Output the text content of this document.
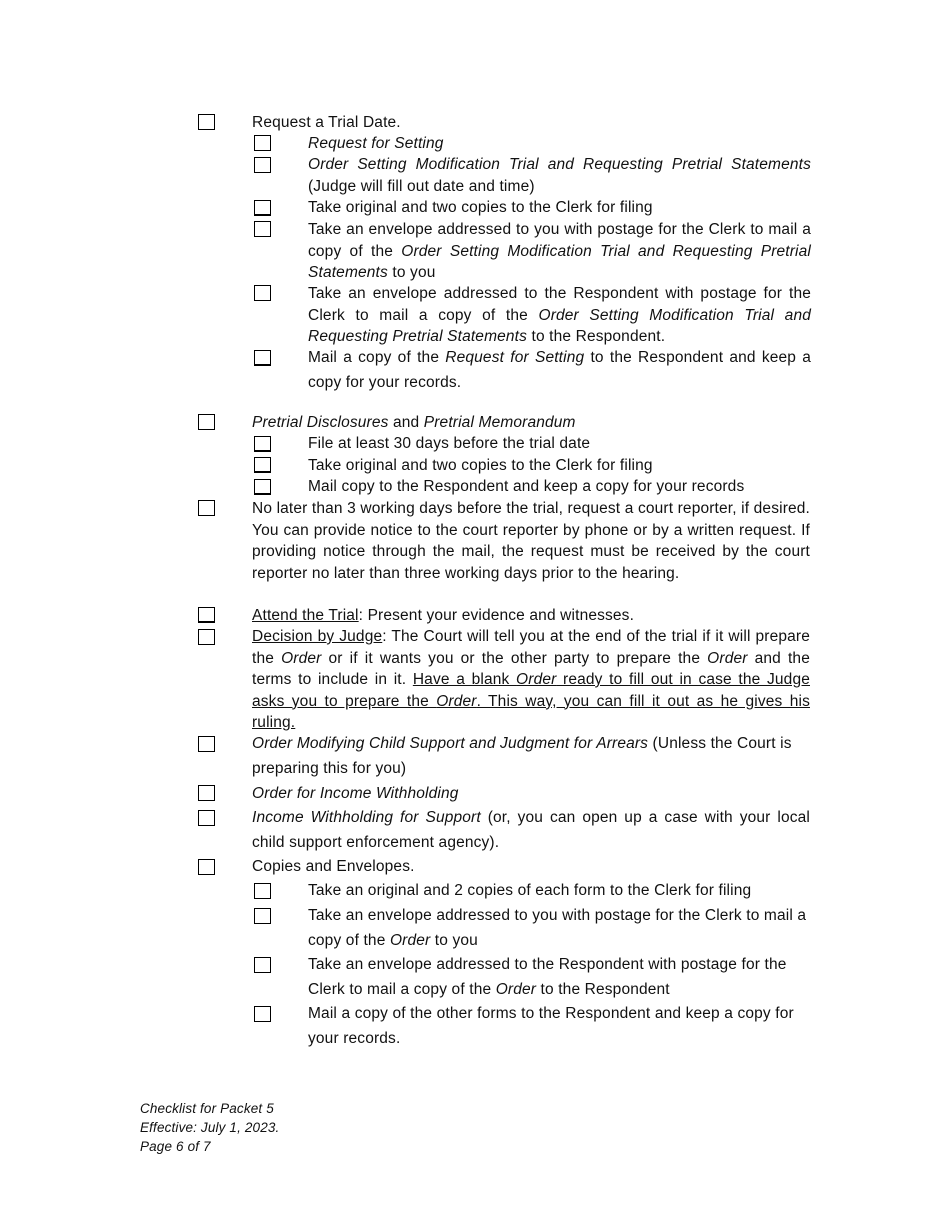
Request a Trial Date.
Request for Setting
Order Setting Modification Trial and Requesting Pretrial Statements (Judge will fill out date and time)
Take original and two copies to the Clerk for filing
Take an envelope addressed to you with postage for the Clerk to mail a copy of the Order Setting Modification Trial and Requesting Pretrial Statements to you
Take an envelope addressed to the Respondent with postage for the Clerk to mail a copy of the Order Setting Modification Trial and Requesting Pretrial Statements to the Respondent.
Mail a copy of the Request for Setting to the Respondent and keep a copy for your records.
Pretrial Disclosures and Pretrial Memorandum
File at least 30 days before the trial date
Take original and two copies to the Clerk for filing
Mail copy to the Respondent and keep a copy for your records
No later than 3 working days before the trial, request a court reporter, if desired. You can provide notice to the court reporter by phone or by a written request. If providing notice through the mail, the request must be received by the court reporter no later than three working days prior to the hearing.
Attend the Trial: Present your evidence and witnesses.
Decision by Judge: The Court will tell you at the end of the trial if it will prepare the Order or if it wants you or the other party to prepare the Order and the terms to include in it. Have a blank Order ready to fill out in case the Judge asks you to prepare the Order. This way, you can fill it out as he gives his ruling.
Order Modifying Child Support and Judgment for Arrears (Unless the Court is preparing this for you)
Order for Income Withholding
Income Withholding for Support (or, you can open up a case with your local child support enforcement agency).
Copies and Envelopes.
Take an original and 2 copies of each form to the Clerk for filing
Take an envelope addressed to you with postage for the Clerk to mail a copy of the Order to you
Take an envelope addressed to the Respondent with postage for the Clerk to mail a copy of the Order to the Respondent
Mail a copy of the other forms to the Respondent and keep a copy for your records.
Checklist for Packet 5
Effective: July 1, 2023.
Page 6 of 7
